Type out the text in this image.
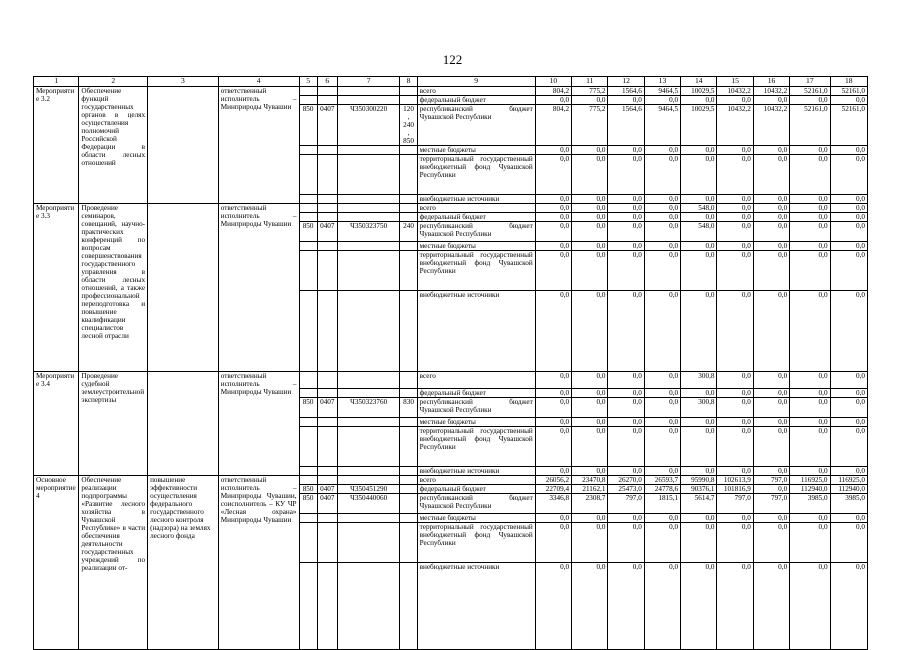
122
1	2	3	4	5	6	7	8	9	10	11	12	13	14	15	16	17	18
Мероприятие 3.2	Обеспечение функций государственных органов в целях осуществления полномочий Российской Федерации в области лесных отношений		ответственный исполнитель – Минприроды Чувашии					всего	804,2	775,2	1564,6	9464,5	10029,5	10432,2	10432,2	52161,0	52161,0
								федеральный бюджет	0,0	0,0	0,0	0,0	0,0	0,0	0,0	0,0	0,0
				850	0407	Ч350300220	120, 240, 850	республиканский бюджет Чувашской Республики	804,2	775,2	1564,6	9464,5	10029,5	10432,2	10432,2	52161,0	52161,0
								местные бюджеты	0,0	0,0	0,0	0,0	0,0	0,0	0,0	0,0	0,0
								территориальный государственный внебюджетный фонд Чувашской Республики	0,0	0,0	0,0	0,0	0,0	0,0	0,0	0,0	0,0
								внебюджетные источники	0,0	0,0	0,0	0,0	0,0	0,0	0,0	0,0	0,0
Мероприятие 3.3	Проведение семинаров, совещаний, научно-практических конференций по вопросам совершенствования государственного управления в области лесных отношений, а также профессиональной переподготовка и повышение квалификации специалистов лесной отрасли		ответственный исполнитель – Минприроды Чувашии					всего	0,0	0,0	0,0	0,0	548,0	0,0	0,0	0,0	0,0
								федеральный бюджет	0,0	0,0	0,0	0,0	0,0	0,0	0,0	0,0	0,0
				850	0407	Ч350323750	240	республиканский бюджет Чувашской Республики	0,0	0,0	0,0	0,0	548,0	0,0	0,0	0,0	0,0
								местные бюджеты	0,0	0,0	0,0	0,0	0,0	0,0	0,0	0,0	0,0
								территориальный государственный внебюджетный фонд Чувашской Республики	0,0	0,0	0,0	0,0	0,0	0,0	0,0	0,0	0,0
								внебюджетные источники	0,0	0,0	0,0	0,0	0,0	0,0	0,0	0,0	0,0
Мероприятие 3.4	Проведение судебной землеустроительной экспертизы		ответственный исполнитель – Минприроды Чувашии					всего	0,0	0,0	0,0	0,0	300,8	0,0	0,0	0,0	0,0
								федеральный бюджет	0,0	0,0	0,0	0,0	0,0	0,0	0,0	0,0	0,0
				850	0407	Ч350323760	830	республиканский бюджет Чувашской Республики	0,0	0,0	0,0	0,0	300,8	0,0	0,0	0,0	0,0
								местные бюджеты	0,0	0,0	0,0	0,0	0,0	0,0	0,0	0,0	0,0
								территориальный государственный внебюджетный фонд Чувашской Республики	0,0	0,0	0,0	0,0	0,0	0,0	0,0	0,0	0,0
								внебюджетные источники	0,0	0,0	0,0	0,0	0,0	0,0	0,0	0,0	0,0
Основное мероприятие 4	Обеспечение реализации подпрограммы «Развитие лесного хозяйства в Чувашской Республике» в части обеспечения деятельности государственных учреждений по реализации от-	повышение эффективности осуществления федерального государственного лесного контроля (надзора) на землях лесного фонда	ответственный исполнитель – Минприроды Чувашии, соисполнитель – КУ ЧР «Лесная охрана» Минприроды Чувашии					всего	26056,2	23470,8	26270,0	26593,7	95990,8	102613,9	797,0	116925,0	116925,0
				850	0407	Ч350451290		федеральный бюджет	22709,4	21162,1	25473,0	24778,6	90376,1	101816,9	0,0	112940,0	112940,0
				850	0407	Ч350440060		республиканский бюджет Чувашской Республики	3346,8	2308,7	797,0	1815,1	5614,7	797,0	797,0	3985,0	3985,0
								местные бюджеты	0,0	0,0	0,0	0,0	0,0	0,0	0,0	0,0	0,0
								территориальный государственный внебюджетный фонд Чувашской Республики	0,0	0,0	0,0	0,0	0,0	0,0	0,0	0,0	0,0
								внебюджетные источники	0,0	0,0	0,0	0,0	0,0	0,0	0,0	0,0	0,0
